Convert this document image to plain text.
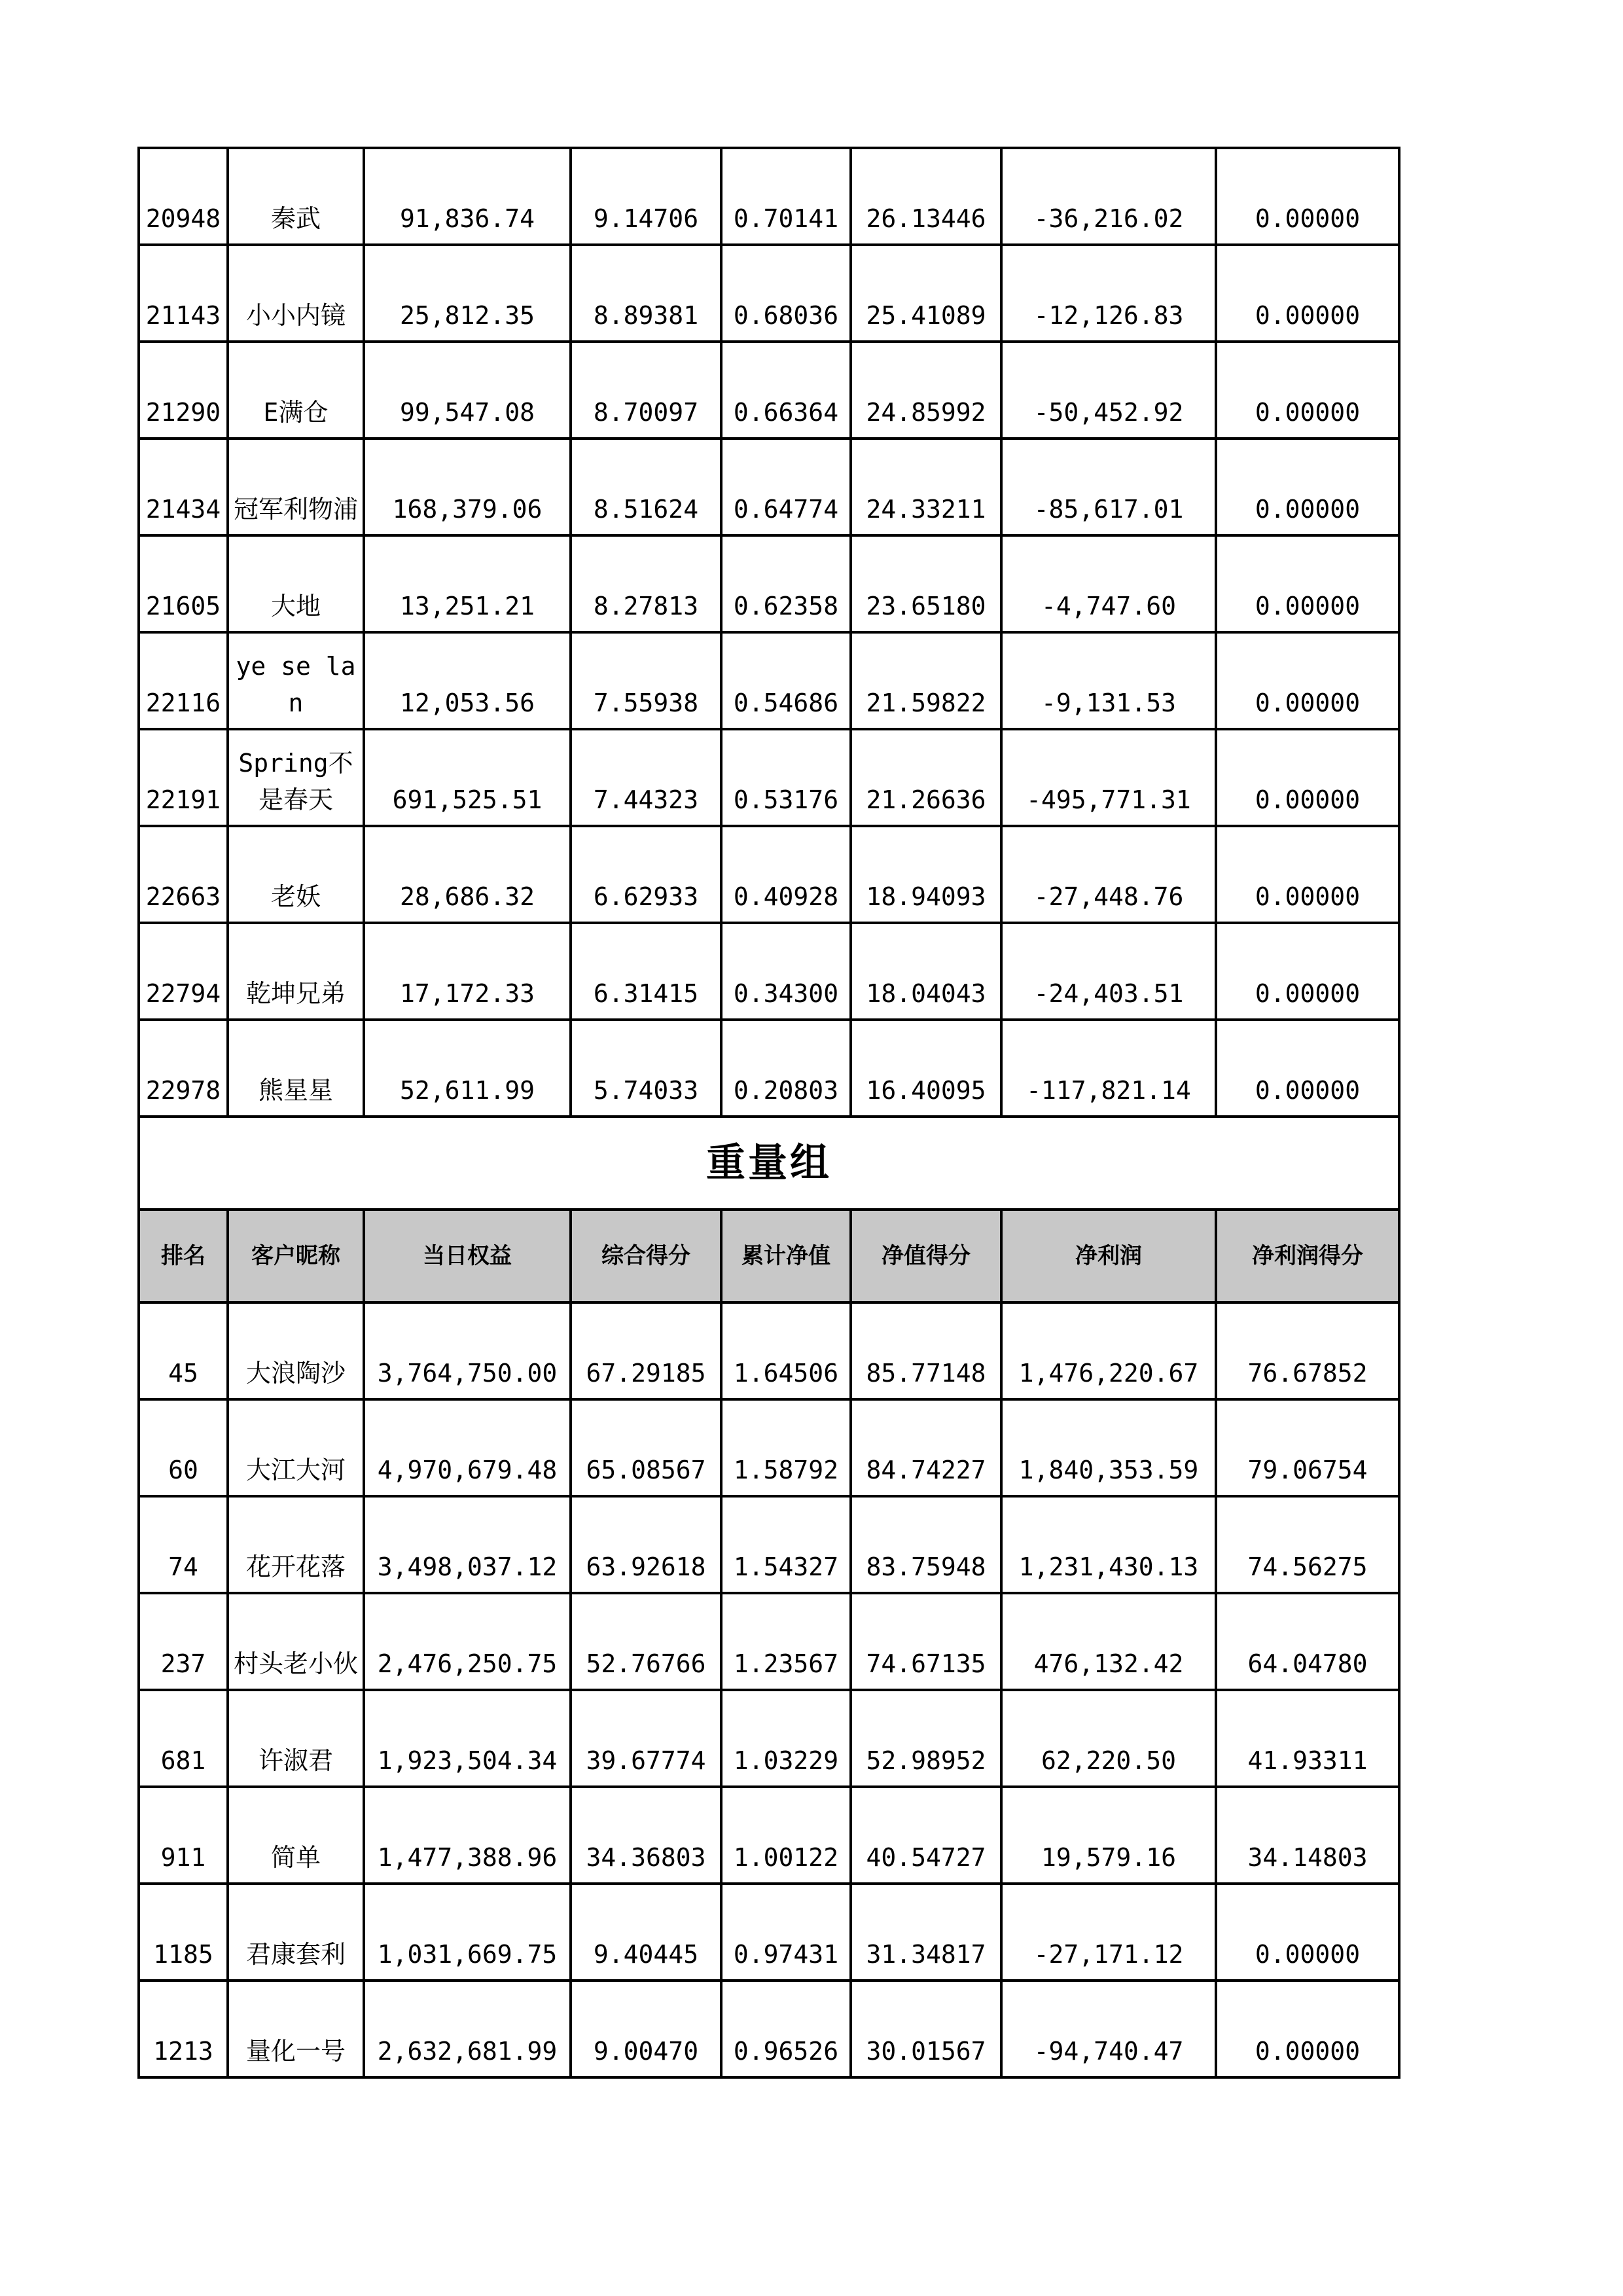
20948	秦武	91,836.74	9.14706	0.70141	26.13446	-36,216.02	0.00000
21143	小小内镜	25,812.35	8.89381	0.68036	25.41089	-12,126.83	0.00000
21290	E满仓	99,547.08	8.70097	0.66364	24.85992	-50,452.92	0.00000
21434	冠军利物浦	168,379.06	8.51624	0.64774	24.33211	-85,617.01	0.00000
21605	大地	13,251.21	8.27813	0.62358	23.65180	-4,747.60	0.00000
22116	ye se lan	12,053.56	7.55938	0.54686	21.59822	-9,131.53	0.00000
22191	Spring不是春天	691,525.51	7.44323	0.53176	21.26636	-495,771.31	0.00000
22663	老妖	28,686.32	6.62933	0.40928	18.94093	-27,448.76	0.00000
22794	乾坤兄弟	17,172.33	6.31415	0.34300	18.04043	-24,403.51	0.00000
22978	熊星星	52,611.99	5.74033	0.20803	16.40095	-117,821.14	0.00000
重量组							
排名	客户昵称	当日权益	综合得分	累计净值	净值得分	净利润	净利润得分
45	大浪陶沙	3,764,750.00	67.29185	1.64506	85.77148	1,476,220.67	76.67852
60	大江大河	4,970,679.48	65.08567	1.58792	84.74227	1,840,353.59	79.06754
74	花开花落	3,498,037.12	63.92618	1.54327	83.75948	1,231,430.13	74.56275
237	村头老小伙	2,476,250.75	52.76766	1.23567	74.67135	476,132.42	64.04780
681	许淑君	1,923,504.34	39.67774	1.03229	52.98952	62,220.50	41.93311
911	简单	1,477,388.96	34.36803	1.00122	40.54727	19,579.16	34.14803
1185	君康套利	1,031,669.75	9.40445	0.97431	31.34817	-27,171.12	0.00000
1213	量化一号	2,632,681.99	9.00470	0.96526	30.01567	-94,740.47	0.00000
